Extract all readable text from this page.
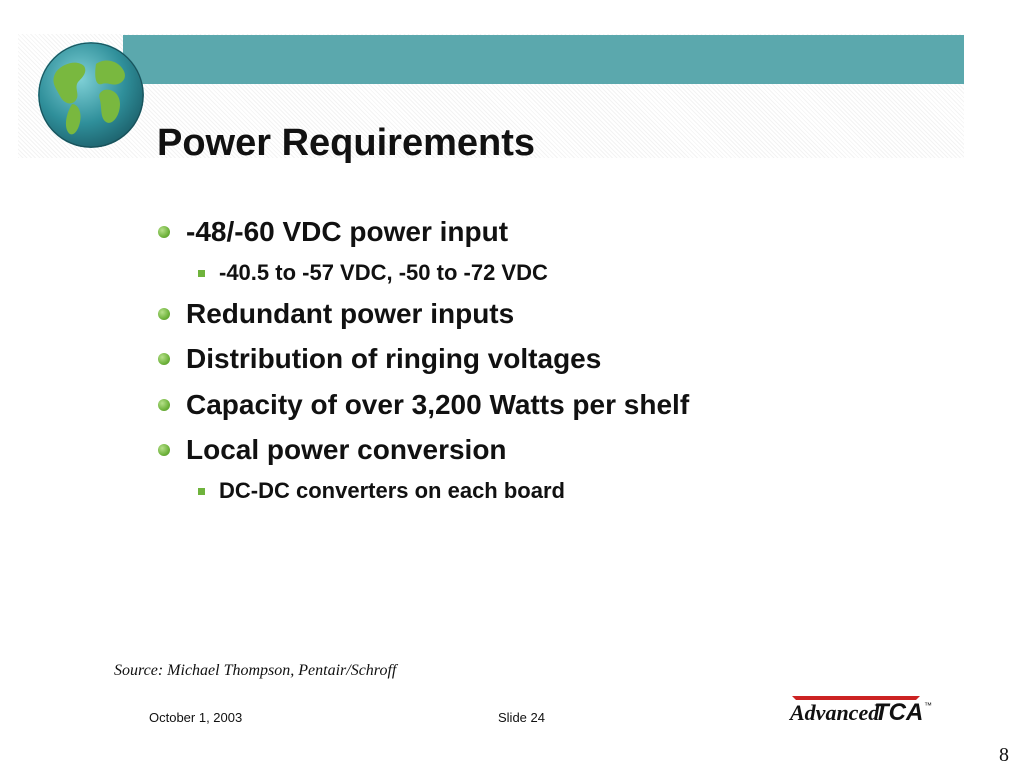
Power Requirements
-48/-60 VDC power input
-40.5 to -57 VDC, -50 to -72 VDC
Redundant power inputs
Distribution of ringing voltages
Capacity of over 3,200 Watts per shelf
Local power conversion
DC-DC converters on each board
Source: Michael Thompson, Pentair/Schroff
October 1, 2003	Slide 24	Advanced
TCA ™
8
